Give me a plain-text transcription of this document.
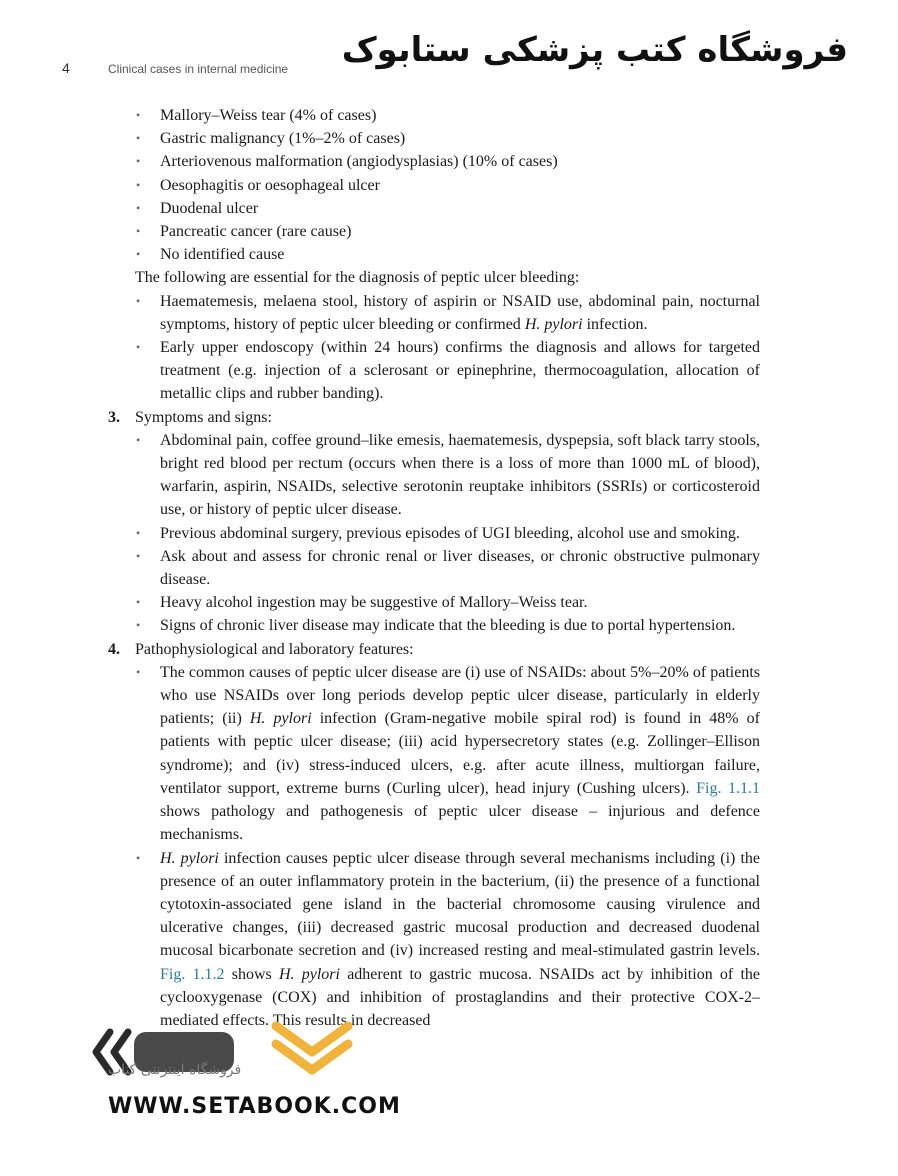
4	Clinical cases in internal medicine فروشگاه کتب پزشکی ستابوک
• Mallory–Weiss tear (4% of cases)
• Gastric malignancy (1%–2% of cases)
• Arteriovenous malformation (angiodysplasias) (10% of cases)
• Oesophagitis or oesophageal ulcer
• Duodenal ulcer
• Pancreatic cancer (rare cause)
• No identified cause

The following are essential for the diagnosis of peptic ulcer bleeding:

• Haematemesis, melaena stool, history of aspirin or NSAID use, abdominal pain, nocturnal symptoms, history of peptic ulcer bleeding or confirmed H. pylori infection.
• Early upper endoscopy (within 24 hours) confirms the diagnosis and allows for targeted treatment (e.g. injection of a sclerosant or epinephrine, thermocoagulation, allocation of metallic clips and rubber banding).
3. Symptoms and signs:
• Abdominal pain, coffee ground–like emesis, haematemesis, dyspepsia, soft black tarry stools, bright red blood per rectum (occurs when there is a loss of more than 1000 mL of blood), warfarin, aspirin, NSAIDs, selective serotonin reuptake inhibitors (SSRIs) or corticosteroid use, or history of peptic ulcer disease.
• Previous abdominal surgery, previous episodes of UGI bleeding, alcohol use and smoking.
• Ask about and assess for chronic renal or liver diseases, or chronic obstructive pulmonary disease.
• Heavy alcohol ingestion may be suggestive of Mallory–Weiss tear.
• Signs of chronic liver disease may indicate that the bleeding is due to portal hypertension.
4. Pathophysiological and laboratory features:
• The common causes of peptic ulcer disease are (i) use of NSAIDs: about 5%–20% of patients who use NSAIDs over long periods develop peptic ulcer disease, particularly in elderly patients; (ii) H. pylori infection (Gram-negative mobile spiral rod) is found in 48% of patients with peptic ulcer disease; (iii) acid hypersecretory states (e.g. Zollinger–Ellison syndrome); and (iv) stress-induced ulcers, e.g. after acute illness, multiorgan failure, ventilator support, extreme burns (Curling ulcer), head injury (Cushing ulcers). Fig. 1.1.1 shows pathology and pathogenesis of peptic ulcer disease – injurious and defence mechanisms.
• H. pylori infection causes peptic ulcer disease through several mechanisms including (i) the presence of an outer inflammatory protein in the bacterium, (ii) the presence of a functional cytotoxin-associated gene island in the bacterial chromosome causing virulence and ulcerative changes, (iii) decreased gastric mucosal production and decreased duodenal mucosal bicarbonate secretion and (iv) increased resting and meal-stimulated gastrin levels. Fig. 1.1.2 shows H. pylori adherent to gastric mucosa. NSAIDs act by inhibition of the cyclooxygenase (COX) and inhibition of prostaglandins and their protective COX-2–mediated effects. This results in decreased
فروشگاه اینترنتی کتاب
WWW.SETABOOK.COM
